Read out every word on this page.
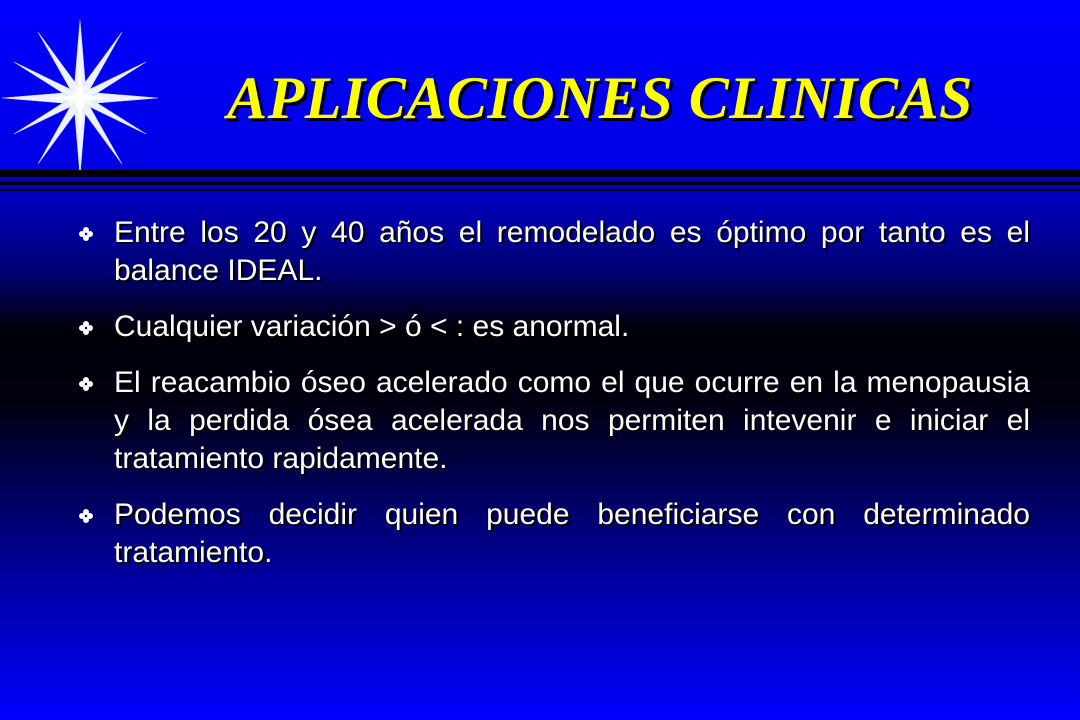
APLICACIONES CLINICAS
Entre los 20 y 40 años el remodelado es óptimo por tanto es el balance IDEAL.
Cualquier variación > ó < : es anormal.
El reacambio óseo acelerado como el que ocurre en la menopausia y la perdida ósea acelerada nos permiten intevenir e iniciar el tratamiento rapidamente.
Podemos decidir quien puede beneficiarse con determinado tratamiento.
